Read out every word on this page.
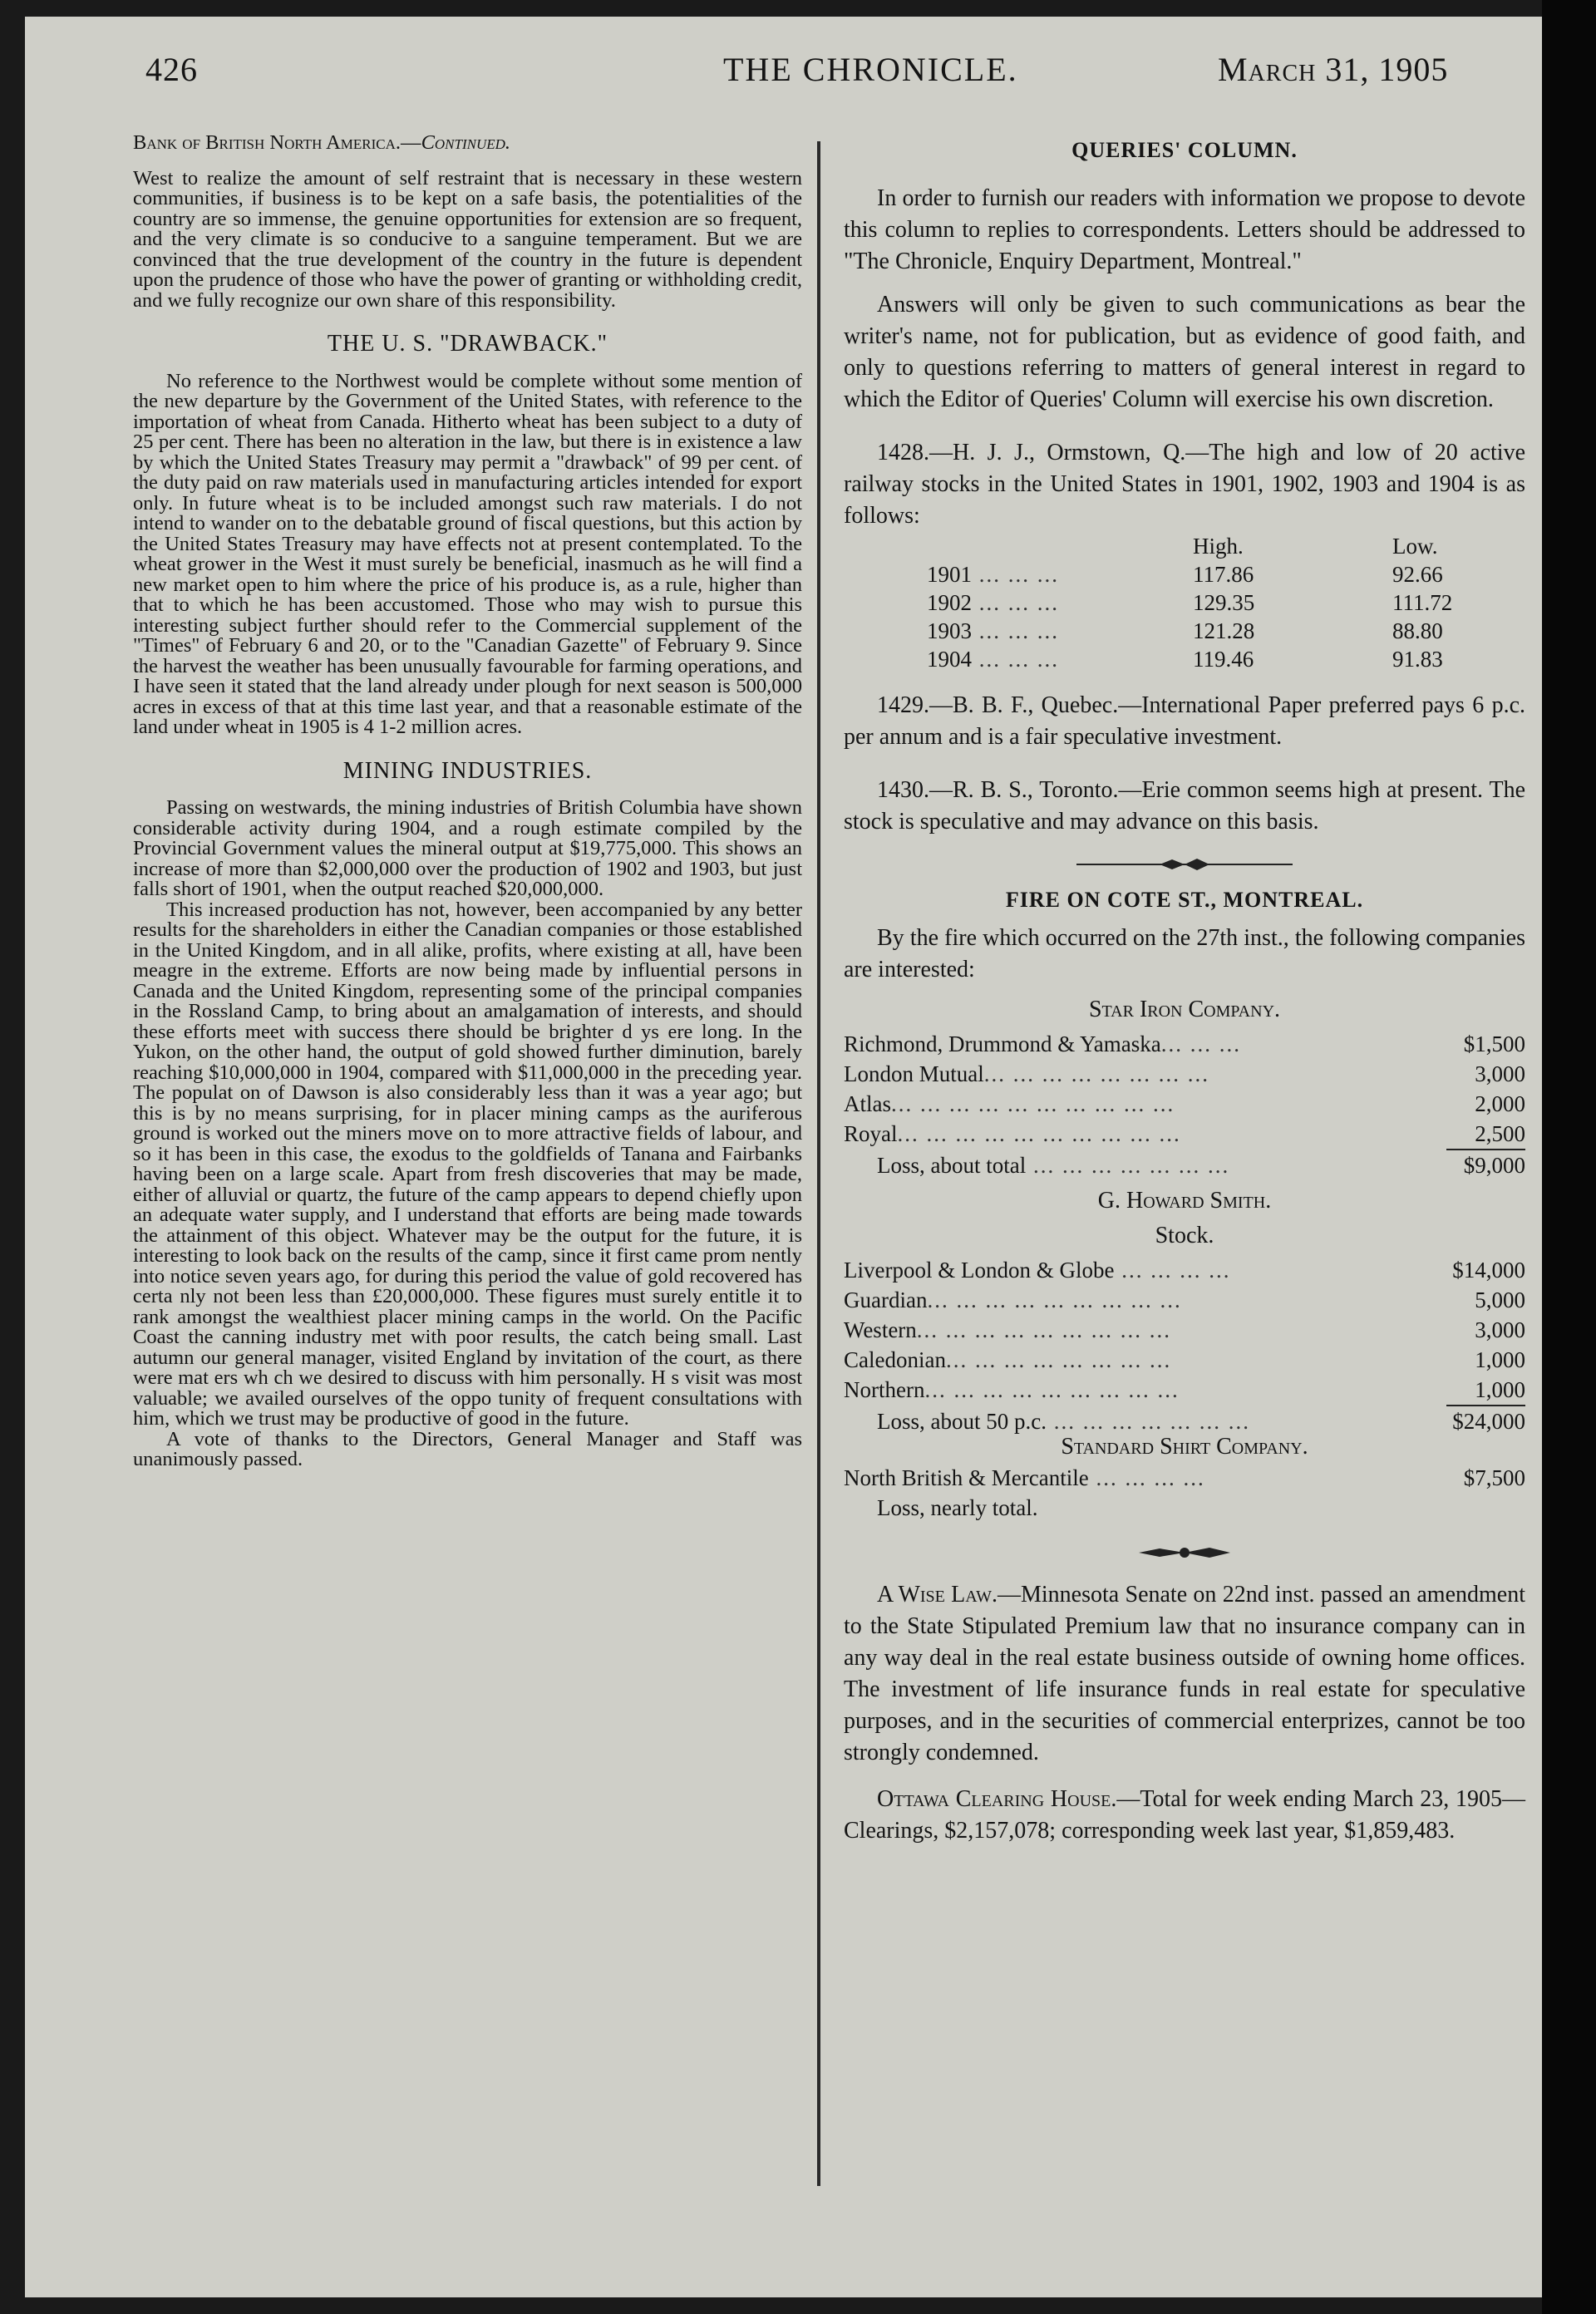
426	THE CHRONICLE.	March 31, 1905

Bank of British North America.—Continued.

West to realize the amount of self restraint that is necessary in these western communities, if business is to be kept on a safe basis, the potentialities of the country are so immense, the genuine opportunities for extension are so frequent, and the very climate is so conducive to a sanguine temperament. But we are convinced that the true development of the country in the future is dependent upon the prudence of those who have the power of granting or withholding credit, and we fully recognize our own share of this responsibility.

THE U. S. "DRAWBACK."

No reference to the Northwest would be complete without some mention of the new departure by the Government of the United States, with reference to the importation of wheat from Canada. Hitherto wheat has been subject to a duty of 25 per cent. There has been no alteration in the law, but there is in existence a law by which the United States Treasury may permit a "drawback" of 99 per cent. of the duty paid on raw materials used in manufacturing articles intended for export only. In future wheat is to be included amongst such raw materials. I do not intend to wander on to the debatable ground of fiscal questions, but this action by the United States Treasury may have effects not at present contemplated. To the wheat grower in the West it must surely be beneficial, inasmuch as he will find a new market open to him where the price of his produce is, as a rule, higher than that to which he has been accustomed. Those who may wish to pursue this interesting subject further should refer to the Commercial supplement of the "Times" of February 6 and 20, or to the "Canadian Gazette" of February 9. Since the harvest the weather has been unusually favourable for farming operations, and I have seen it stated that the land already under plough for next season is 500,000 acres in excess of that at this time last year, and that a reasonable estimate of the land under wheat in 1905 is 4 1-2 million acres.

MINING INDUSTRIES.

Passing on westwards, the mining industries of British Columbia have shown considerable activity during 1904, and a rough estimate compiled by the Provincial Government values the mineral output at $19,775,000. This shows an increase of more than $2,000,000 over the production of 1902 and 1903, but just falls short of 1901, when the output reached $20,000,000.

This increased production has not, however, been accompanied by any better results for the shareholders in either the Canadian companies or those established in the United Kingdom, and in all alike, profits, where existing at all, have been meagre in the extreme. Efforts are now being made by influential persons in Canada and the United Kingdom, representing some of the principal companies in the Rossland Camp, to bring about an amalgamation of interests, and should these efforts meet with success there should be brighter d ys ere long. In the Yukon, on the other hand, the output of gold showed further diminution, barely reaching $10,000,000 in 1904, compared with $11,000,000 in the preceding year. The populat on of Dawson is also considerably less than it was a year ago; but this is by no means surprising, for in placer mining camps as the auriferous ground is worked out the miners move on to more attractive fields of labour, and so it has been in this case, the exodus to the goldfields of Tanana and Fairbanks having been on a large scale. Apart from fresh discoveries that may be made, either of alluvial or quartz, the future of the camp appears to depend chiefly upon an adequate water supply, and I understand that efforts are being made towards the attainment of this object. Whatever may be the output for the future, it is interesting to look back on the results of the camp, since it first came prom nently into notice seven years ago, for during this period the value of gold recovered has certa nly not been less than £20,000,000. These figures must surely entitle it to rank amongst the wealthiest placer mining camps in the world. On the Pacific Coast the canning industry met with poor results, the catch being small. Last autumn our general manager, visited England by invitation of the court, as there were mat ers wh ch we desired to discuss with him personally. H s visit was most valuable; we availed ourselves of the oppo tunity of frequent consultations with him, which we trust may be productive of good in the future.

A vote of thanks to the Directors, General Manager and Staff was unanimously passed.

QUERIES' COLUMN.

In order to furnish our readers with information we propose to devote this column to replies to correspondents. Letters should be addressed to "The Chronicle, Enquiry Department, Montreal."

Answers will only be given to such communications as bear the writer's name, not for publication, but as evidence of good faith, and only to questions referring to matters of general interest in regard to which the Editor of Queries' Column will exercise his own discretion.

1428.—H. J. J., Ormstown, Q.—The high and low of 20 active railway stocks in the United States in 1901, 1902, 1903 and 1904 is as follows:

	High.	Low.
1901 ... ... ...	117.86	92.66
1902 ... ... ...	129.35	111.72
1903 ... ... ...	121.28	88.80
1904 ... ... ...	119.46	91.83

1429.—B. B. F., Quebec.—International Paper preferred pays 6 p.c. per annum and is a fair speculative investment.

1430.—R. B. S., Toronto.—Erie common seems high at present. The stock is speculative and may advance on this basis.

FIRE ON COTE ST., MONTREAL.

By the fire which occurred on the 27th inst., the following companies are interested:

Star Iron Company.
Richmond, Drummond & Yamaska... ... ...	$1,500
London Mutual... ... ... ... ... ... ... ...	3,000
Atlas... ... ... ... ... ... ... ... ... ...	2,000
Royal... ... ... ... ... ... ... ... ... ...	2,500

Loss, about total ... ... ... ... ... ... ...	$9,000
G. Howard Smith.
Stock.
Liverpool & London & Globe ... ... ... ...	$14,000
Guardian... ... ... ... ... ... ... ... ...	5,000
Western... ... ... ... ... ... ... ... ...	3,000
Caledonian... ... ... ... ... ... ... ...	1,000
Northern... ... ... ... ... ... ... ... ...	1,000

Loss, about 50 p.c. ... ... ... ... ... ... ...	$24,000
Standard Shirt Company.
North British & Mercantile ... ... ... ...	$7,500
Loss, nearly total.	

A Wise Law.—Minnesota Senate on 22nd inst. passed an amendment to the State Stipulated Premium law that no insurance company can in any way deal in the real estate business outside of owning home offices. The investment of life insurance funds in real estate for speculative purposes, and in the securities of commercial enterprizes, cannot be too strongly condemned.

Ottawa Clearing House.—Total for week ending March 23, 1905—Clearings, $2,157,078; corresponding week last year, $1,859,483.
